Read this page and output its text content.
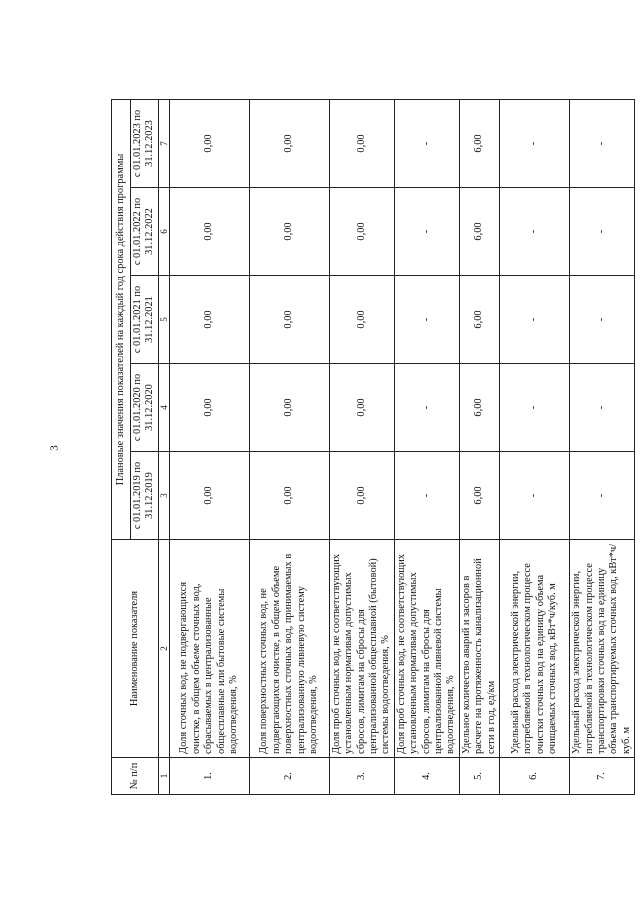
3
№ п/п	Наименование показателя	Плановые значения показателей на каждый год срока действия программы				
		с 01.01.2019 по 31.12.2019	с 01.01.2020 по 31.12.2020	с 01.01.2021 по 31.12.2021	с 01.01.2022 по 31.12.2022	с 01.01.2023 по 31.12.2023
1	2	3	4	5	6	7
1.	Доля сточных вод, не подвергающихся очистке, в общем объеме сточных вод, сбрасываемых в централизованные общесплавные или бытовые системы водоотведения, %	0,00	0,00	0,00	0,00	0,00
2.	Доля поверхностных сточных вод, не подвергающихся очистке, в общем объеме поверхностных сточных вод, принимаемых в централизованную ливневую систему водоотведения, %	0,00	0,00	0,00	0,00	0,00
3.	Доля проб сточных вод, не соответствующих установленным нормативам допустимых сбросов, лимитам на сбросы для централизованной общесплавной (бытовой) системы водоотведения, %	0,00	0,00	0,00	0,00	0,00
4.	Доля проб сточных вод, не соответствующих установленным нормативам допустимых сбросов, лимитам на сбросы для централизованной ливневой системы водоотведения, %	-	-	-	-	-
5.	Удельное количество аварий и засоров в расчете на протяженность канализационной сети в год, ед/км	6,00	6,00	6,00	6,00	6,00
6.	Удельный расход электрической энергии, потребляемой в технологическом процессе очистки сточных вод на единицу объема очищаемых сточных вод, кВт*ч/куб. м	-	-	-	-	-
7.	Удельный расход электрической энергии, потребляемой в технологическом процессе транспортировки сточных вод на единицу объема транспортируемых сточных вод, кВт*ч/куб. м	-	-	-	-	-
